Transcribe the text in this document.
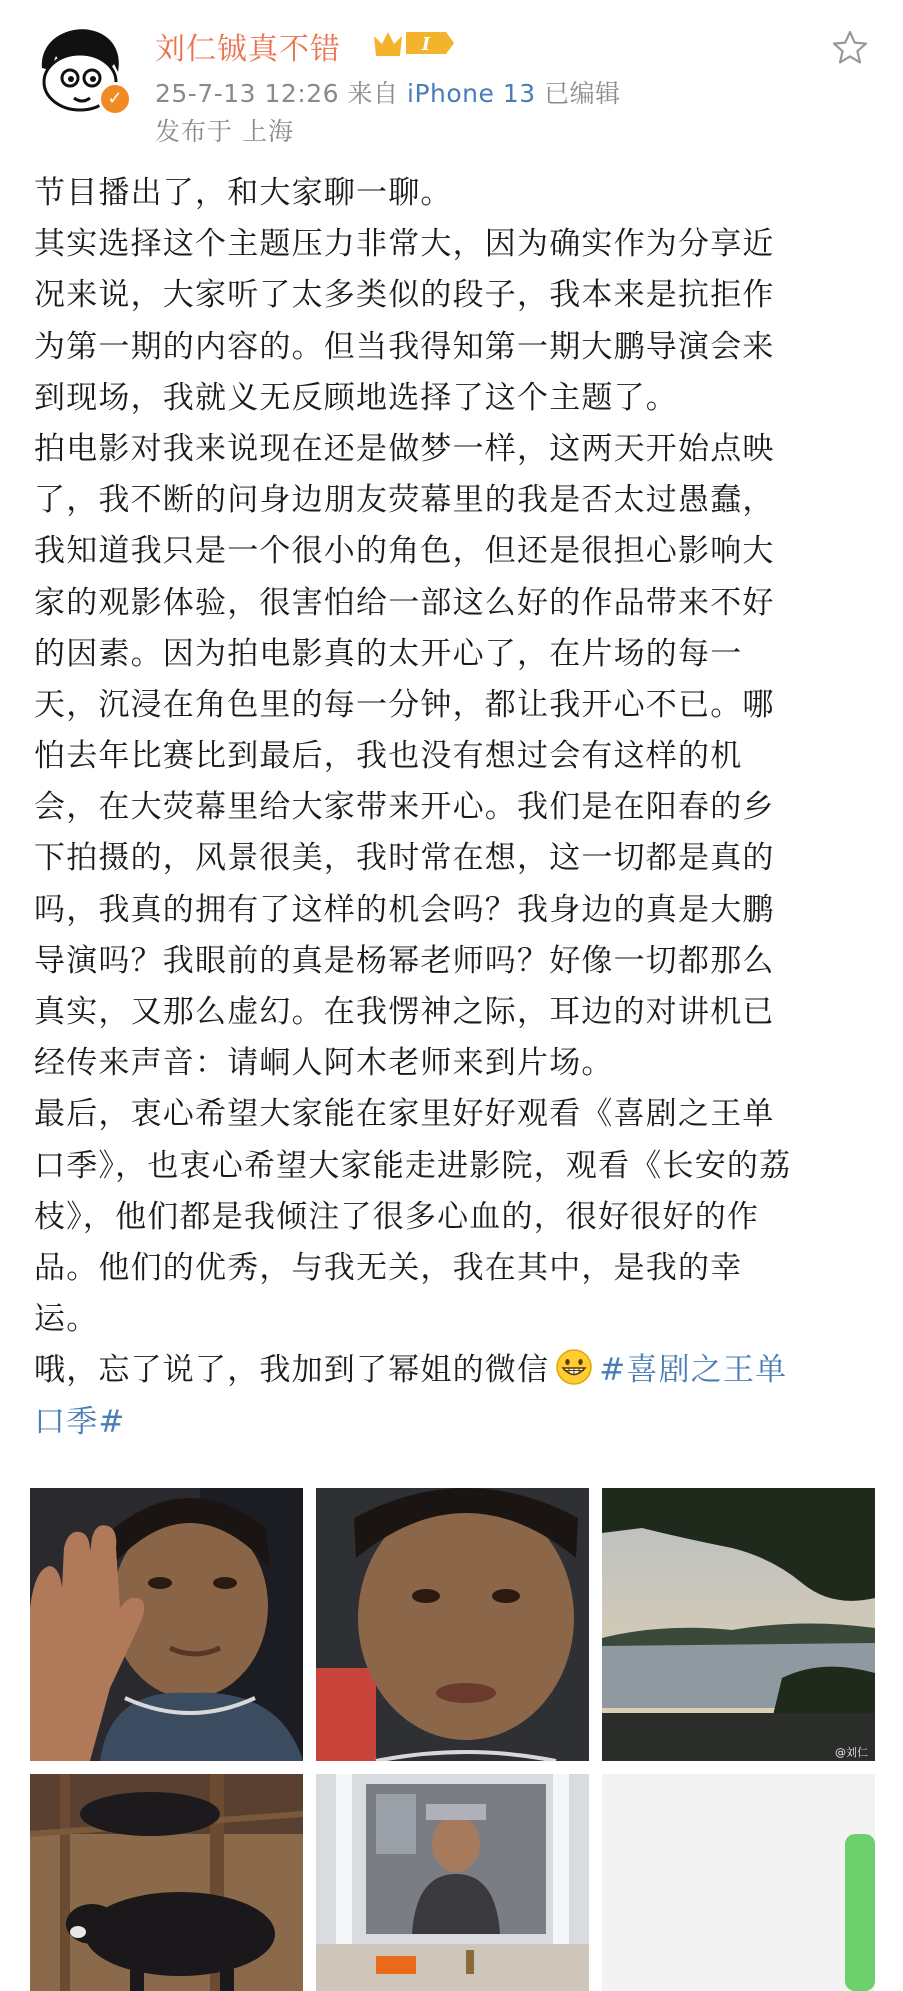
✓
刘仁铖真不错	I
25-7-13 12:26 来自 iPhone 13 已编辑
发布于 上海
节目播出了，和大家聊一聊。
其实选择这个主题压力非常大，因为确实作为分享近
况来说，大家听了太多类似的段子，我本来是抗拒作
为第一期的内容的。但当我得知第一期大鹏导演会来
到现场，我就义无反顾地选择了这个主题了。
拍电影对我来说现在还是做梦一样，这两天开始点映
了，我不断的问身边朋友荧幕里的我是否太过愚蠢，
我知道我只是一个很小的角色，但还是很担心影响大
家的观影体验，很害怕给一部这么好的作品带来不好
的因素。因为拍电影真的太开心了，在片场的每一
天，沉浸在角色里的每一分钟，都让我开心不已。哪
怕去年比赛比到最后，我也没有想过会有这样的机
会，在大荧幕里给大家带来开心。我们是在阳春的乡
下拍摄的，风景很美，我时常在想，这一切都是真的
吗，我真的拥有了这样的机会吗？我身边的真是大鹏
导演吗？我眼前的真是杨幂老师吗？好像一切都那么
真实，又那么虚幻。在我愣神之际，耳边的对讲机已
经传来声音：请峒人阿木老师来到片场。
最后，衷心希望大家能在家里好好观看《喜剧之王单
口季》，也衷心希望大家能走进影院，观看《长安的荔
枝》，他们都是我倾注了很多心血的，很好很好的作
品。他们的优秀，与我无关，我在其中，是我的幸
运。
哦，忘了说了，我加到了幂姐的微信 #喜剧之王单
口季#
@刘仁
